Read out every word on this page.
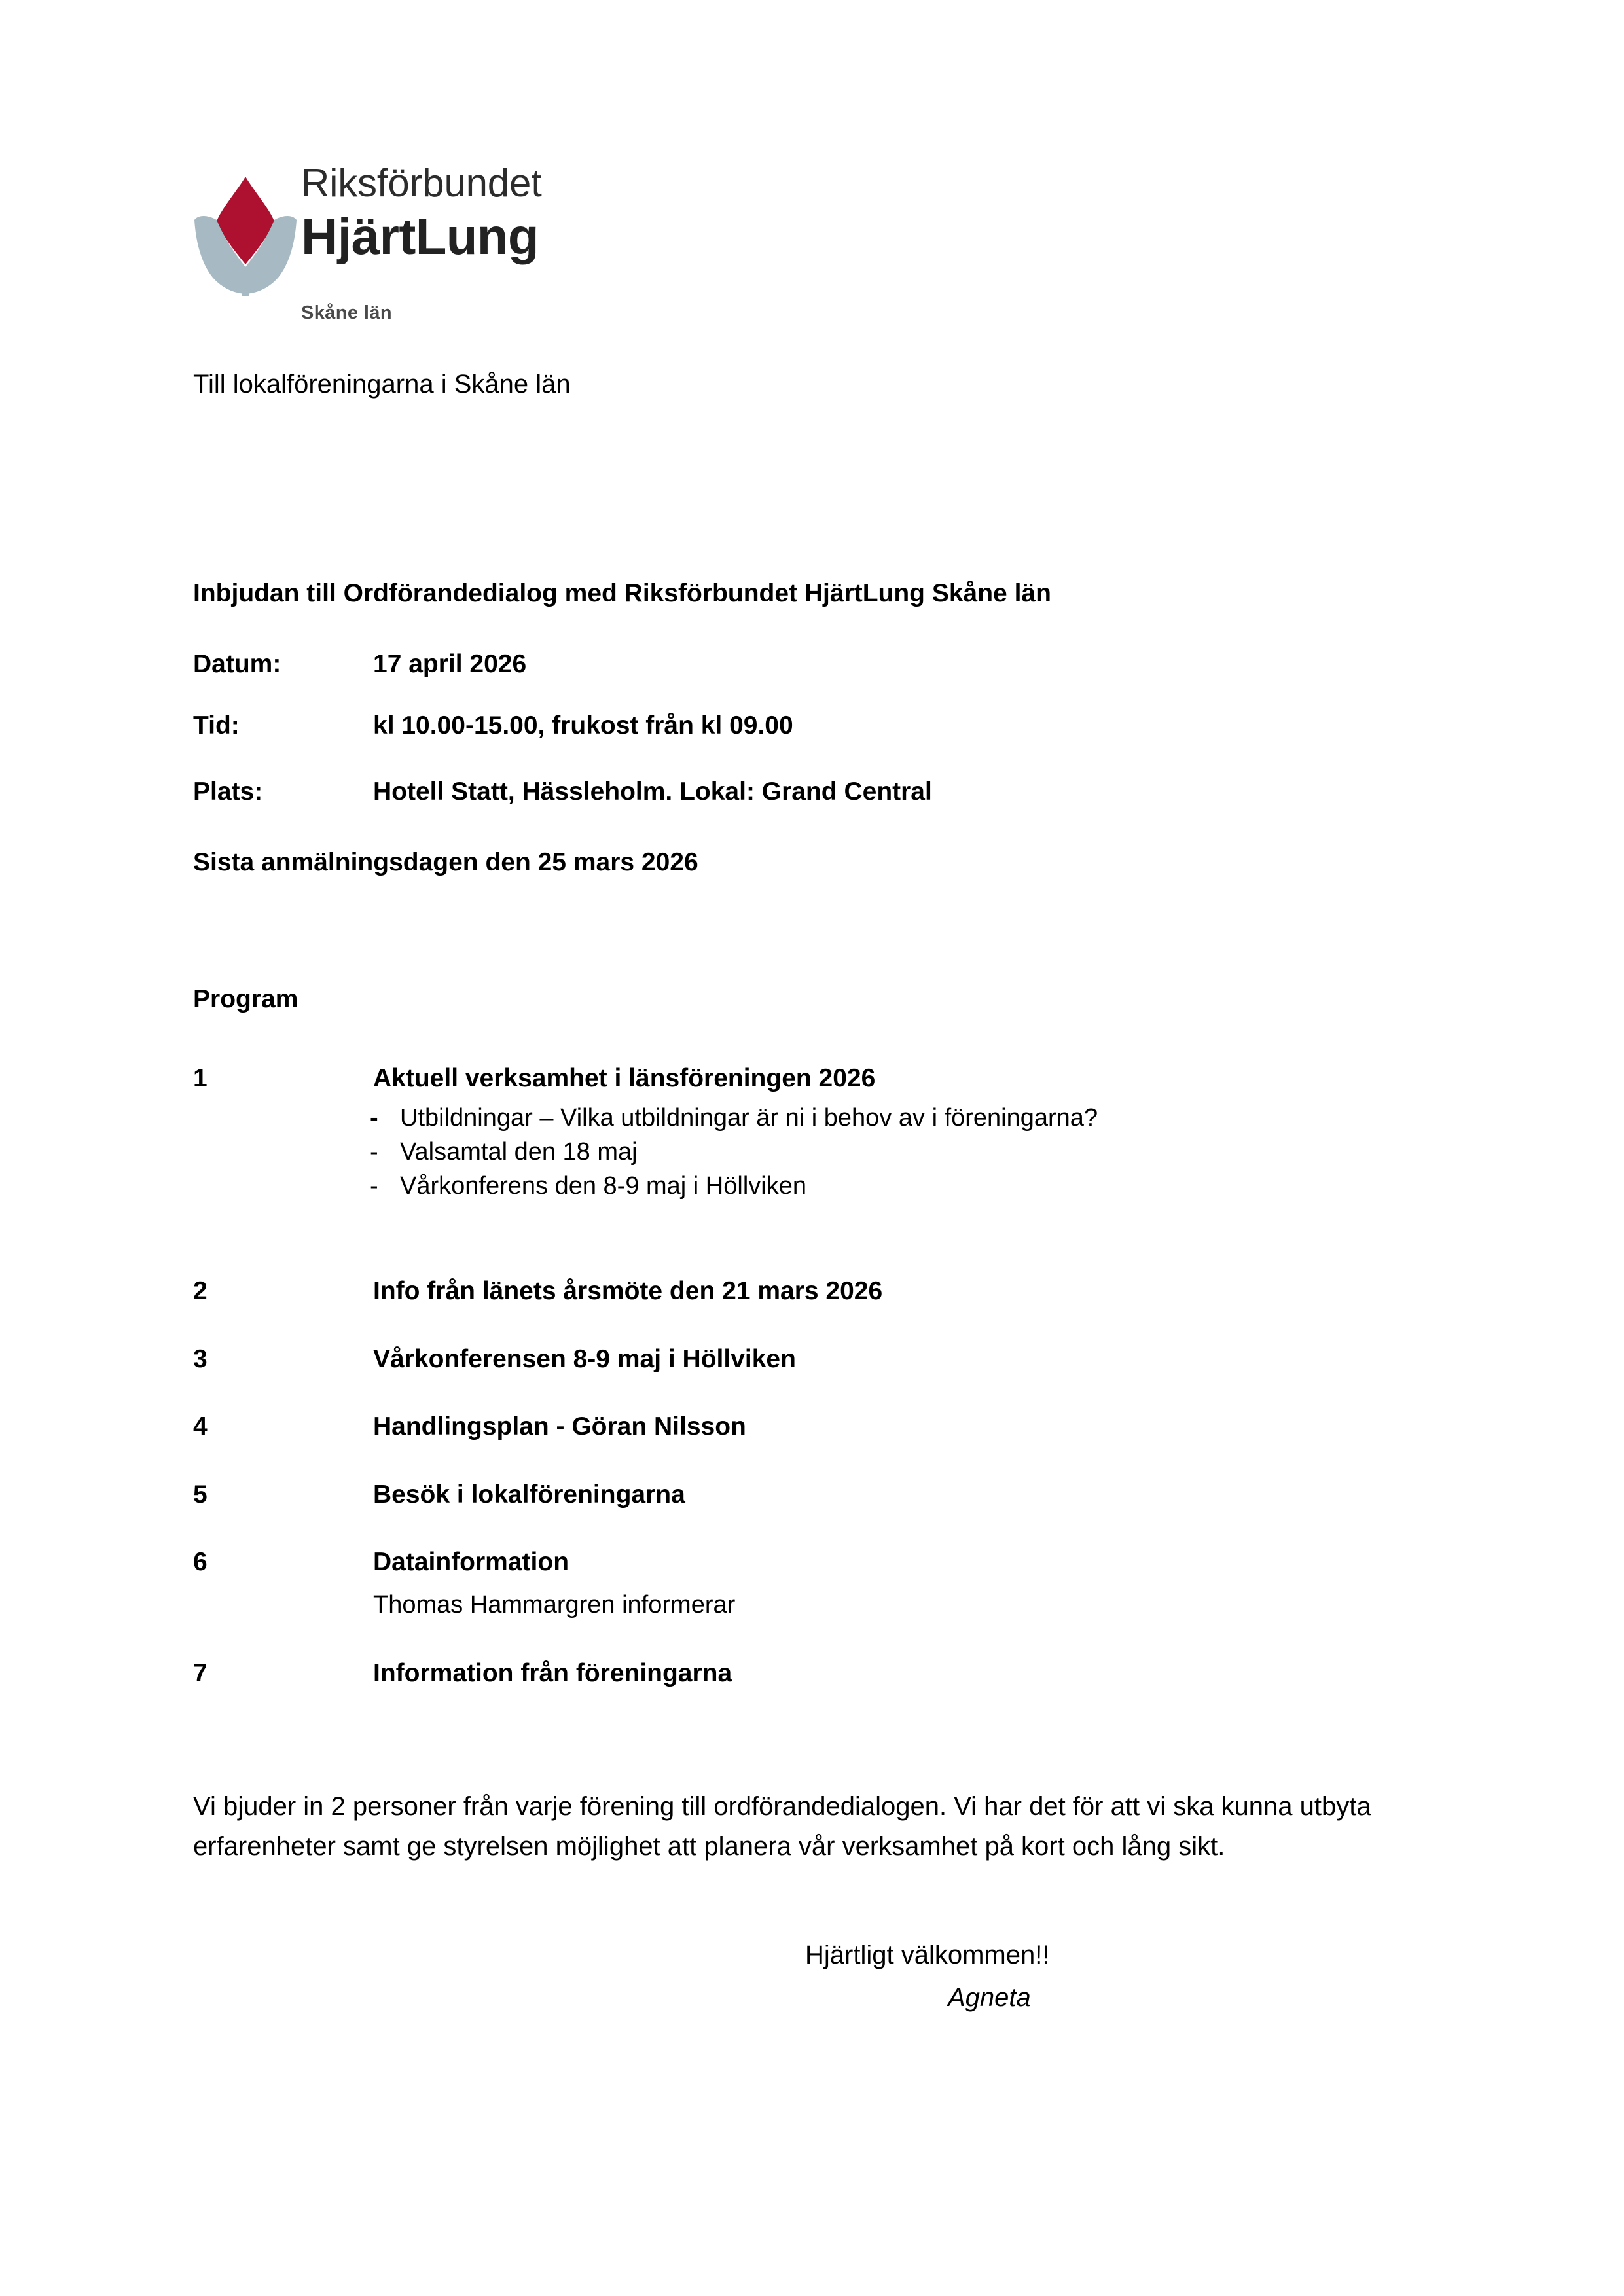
Riksförbundet
HjärtLung
Skåne län
Till lokalföreningarna i Skåne län
Inbjudan till Ordförandedialog med Riksförbundet HjärtLung Skåne län
Datum:	17 april 2026
Tid:	kl 10.00-15.00, frukost från kl 09.00
Plats:	Hotell Statt, Hässleholm. Lokal: Grand Central
Sista anmälningsdagen den 25 mars 2026
Program
1	Aktuell verksamhet i länsföreningen 2026
- Utbildningar – Vilka utbildningar är ni i behov av i föreningarna?
- Valsamtal den 18 maj
- Vårkonferens den 8-9 maj i Höllviken
2	Info från länets årsmöte den 21 mars 2026
3	Vårkonferensen 8-9 maj i Höllviken
4	Handlingsplan - Göran Nilsson
5	Besök i lokalföreningarna
6	Datainformation
Thomas Hammargren informerar
7	Information från föreningarna
Vi bjuder in 2 personer från varje förening till ordförandedialogen. Vi har det för att vi ska kunna utbyta erfarenheter samt ge styrelsen möjlighet att planera vår verksamhet på kort och lång sikt.
Hjärtligt välkommen!!
Agneta
